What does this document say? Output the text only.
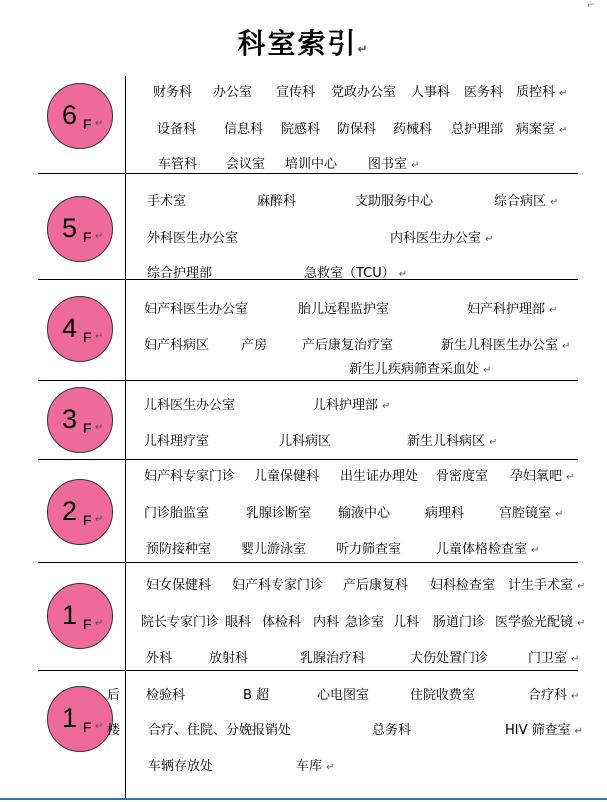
⌐
科室索引↵
6 F ↵
财务科 办公室 宣传科 党政办公室 人事科 医务科 质控科 ↵
设备科 信息科 院感科 防保科 药械科 总护理部 病案室 ↵
车管科 会议室 培训中心 图书室 ↵
5 F ↵
手术室	麻醉科	支助服务中心	综合病区 ↵
外科医生办公室	内科医生办公室 ↵
综合护理部	急救室（TCU） ↵
4 F ↵
妇产科医生办公室	胎儿远程监护室	妇产科护理部 ↵
妇产科病区 产房	产后康复治疗室	新生儿科医生办公室 ↵
新生儿疾病筛查采血处 ↵
3 F ↵
儿科医生办公室	儿科护理部 ↵
儿科理疗室	儿科病区	新生儿科病区 ↵
2 F ↵
妇产科专家门诊 儿童保健科 出生证办理处 骨密度室 孕妇氧吧 ↵
门诊胎监室	乳腺诊断室 输液中心	病理科	宫腔镜室 ↵
预防接种室 婴儿游泳室 听力筛查室	儿童体格检查室 ↵
1 F ↵
妇女保健科 妇产科专家门诊 产后康复科 妇科检查室 计生手术室 ↵
院长专家门诊 眼科 体检科 内科 急诊室 儿科 肠道门诊 医学验光配镜 ↵
外科	放射科	乳腺治疗科	犬伤处置门诊	门卫室 ↵
1 F ↵
后
楼
检验科	B 超	心电图室	住院收费室	合疗科 ↵
合疗、住院、分娩报销处	总务科	HIV 筛查室 ↵
车辆存放处	车库 ↵
